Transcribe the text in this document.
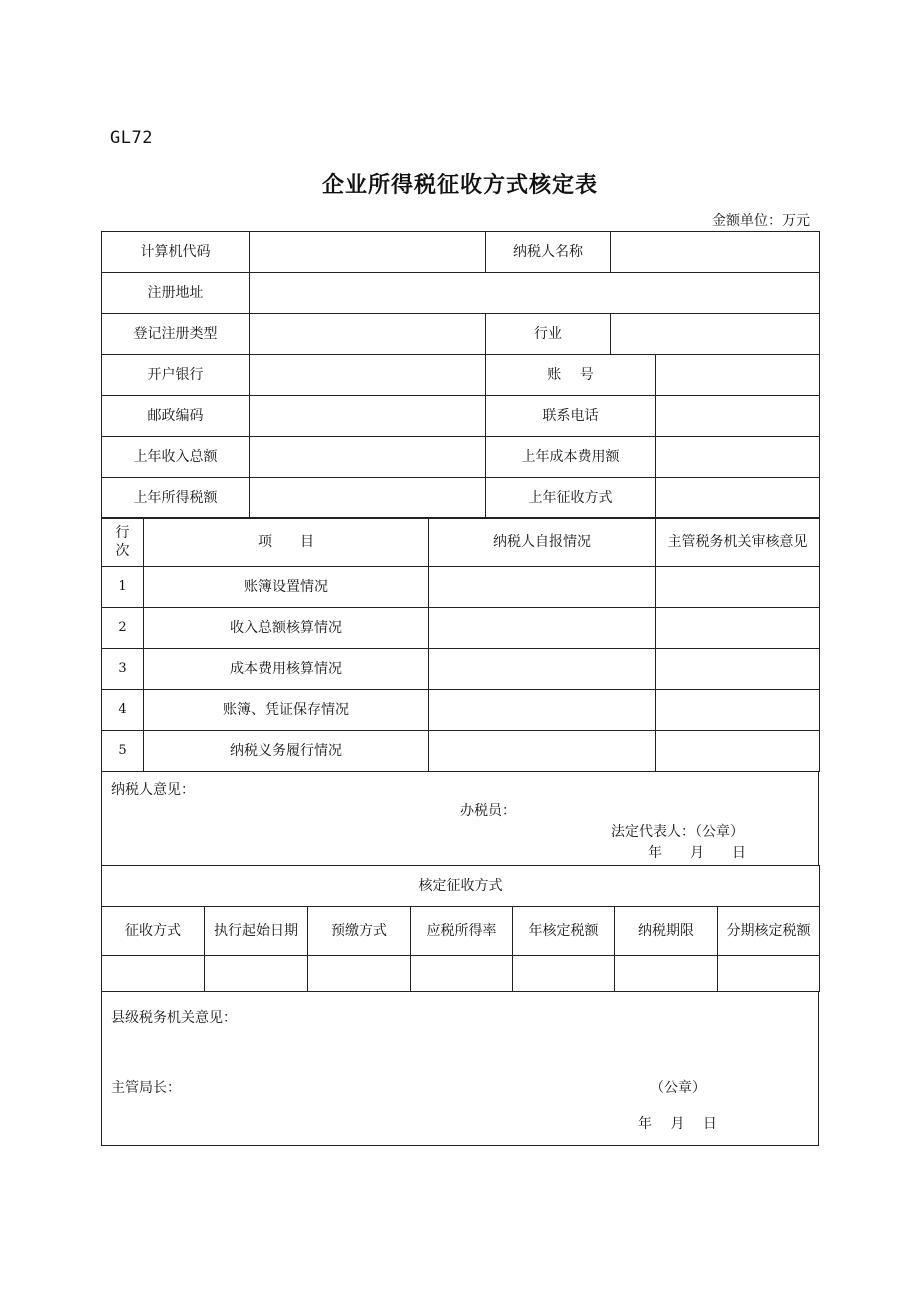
GL72
企业所得税征收方式核定表
金额单位：万元
计算机代码		纳税人名称		
注册地址				
登记注册类型		行业		
开户银行		账　 号		
邮政编码		联系电话		
上年收入总额		上年成本费用额		
上年所得税额		上年征收方式		
行次	项　　目	纳税人自报情况	主管税务机关审核意见
1	账簿设置情况		
2	收入总额核算情况		
3	成本费用核算情况		
4	账簿、凭证保存情况		
5	纳税义务履行情况		
纳税人意见：
办税员：
法定代表人：（公章）
年　　月　　日
核定征收方式						
征收方式	执行起始日期	预缴方式	应税所得率	年核定税额	纳税期限	分期核定税额

县级税务机关意见：
主管局长：	（公章）
年　 月　 日
